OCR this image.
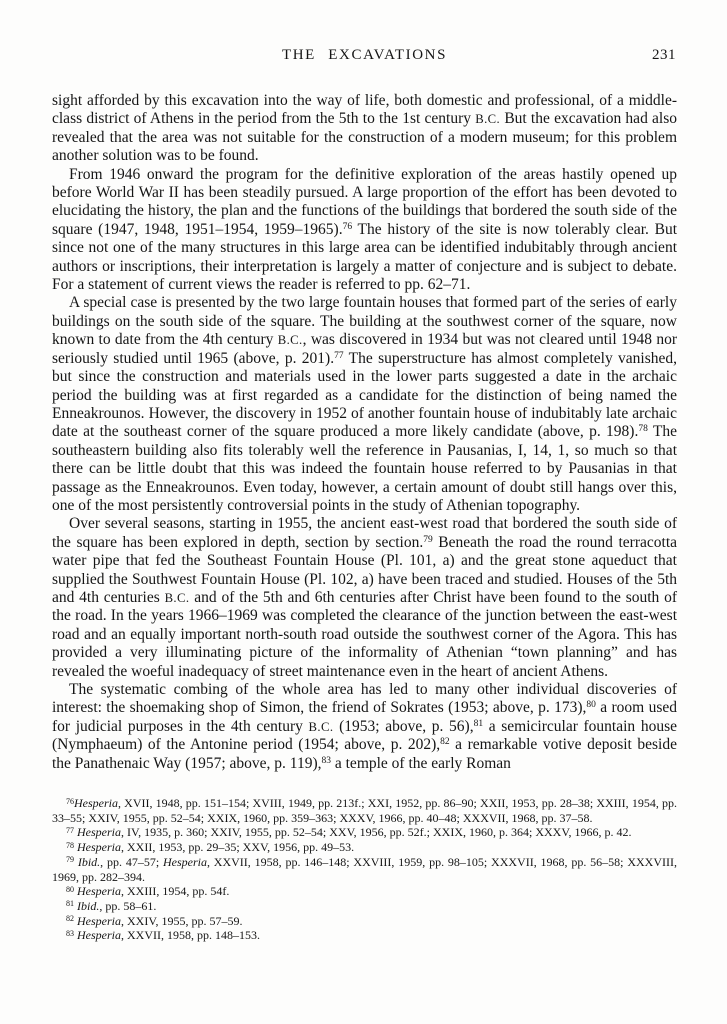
THE EXCAVATIONS	231

sight afforded by this excavation into the way of life, both domestic and professional, of a middle-class district of Athens in the period from the 5th to the 1st century B.C. But the excavation had also revealed that the area was not suitable for the construction of a modern museum; for this problem another solution was to be found.

From 1946 onward the program for the definitive exploration of the areas hastily opened up before World War II has been steadily pursued. A large proportion of the effort has been devoted to elucidating the history, the plan and the functions of the buildings that bordered the south side of the square (1947, 1948, 1951–1954, 1959–1965).$^{76}$ The history of the site is now tolerably clear. But since not one of the many structures in this large area can be identified indubitably through ancient authors or inscriptions, their interpretation is largely a matter of conjecture and is subject to debate. For a statement of current views the reader is referred to pp. 62–71.

A special case is presented by the two large fountain houses that formed part of the series of early buildings on the south side of the square. The building at the southwest corner of the square, now known to date from the 4th century B.C., was discovered in 1934 but was not cleared until 1948 nor seriously studied until 1965 (above, p. 201).$^{77}$ The superstructure has almost completely vanished, but since the construction and materials used in the lower parts suggested a date in the archaic period the building was at first regarded as a candidate for the distinction of being named the Enneakrounos. However, the discovery in 1952 of another fountain house of indubitably late archaic date at the southeast corner of the square produced a more likely candidate (above, p. 198).$^{78}$ The southeastern building also fits tolerably well the reference in Pausanias, I, 14, 1, so much so that there can be little doubt that this was indeed the fountain house referred to by Pausanias in that passage as the Enneakrounos. Even today, however, a certain amount of doubt still hangs over this, one of the most persistently controversial points in the study of Athenian topography.

Over several seasons, starting in 1955, the ancient east-west road that bordered the south side of the square has been explored in depth, section by section.$^{79}$ Beneath the road the round terracotta water pipe that fed the Southeast Fountain House (Pl. 101, a) and the great stone aqueduct that supplied the Southwest Fountain House (Pl. 102, a) have been traced and studied. Houses of the 5th and 4th centuries B.C. and of the 5th and 6th centuries after Christ have been found to the south of the road. In the years 1966–1969 was completed the clearance of the junction between the east-west road and an equally important north-south road outside the southwest corner of the Agora. This has provided a very illuminating picture of the informality of Athenian “town planning” and has revealed the woeful inadequacy of street maintenance even in the heart of ancient Athens.

The systematic combing of the whole area has led to many other individual discoveries of interest: the shoemaking shop of Simon, the friend of Sokrates (1953; above, p. 173),$^{80}$ a room used for judicial purposes in the 4th century B.C. (1953; above, p. 56),$^{81}$ a semicircular fountain house (Nymphaeum) of the Antonine period (1954; above, p. 202),$^{82}$ a remarkable votive deposit beside the Panathenaic Way (1957; above, p. 119),$^{83}$ a temple of the early Roman

$^{76}$Hesperia, XVII, 1948, pp. 151–154; XVIII, 1949, pp. 213f.; XXI, 1952, pp. 86–90; XXII, 1953, pp. 28–38; XXIII, 1954, pp. 33–55; XXIV, 1955, pp. 52–54; XXIX, 1960, pp. 359–363; XXXV, 1966, pp. 40–48; XXXVII, 1968, pp. 37–58.

$^{77}$ Hesperia, IV, 1935, p. 360; XXIV, 1955, pp. 52–54; XXV, 1956, pp. 52f.; XXIX, 1960, p. 364; XXXV, 1966, p. 42.

$^{78}$ Hesperia, XXII, 1953, pp. 29–35; XXV, 1956, pp. 49–53.

$^{79}$ Ibid., pp. 47–57; Hesperia, XXVII, 1958, pp. 146–148; XXVIII, 1959, pp. 98–105; XXXVII, 1968, pp. 56–58; XXXVIII, 1969, pp. 282–394.

$^{80}$ Hesperia, XXIII, 1954, pp. 54f.

$^{81}$ Ibid., pp. 58–61.

$^{82}$ Hesperia, XXIV, 1955, pp. 57–59.

$^{83}$ Hesperia, XXVII, 1958, pp. 148–153.
